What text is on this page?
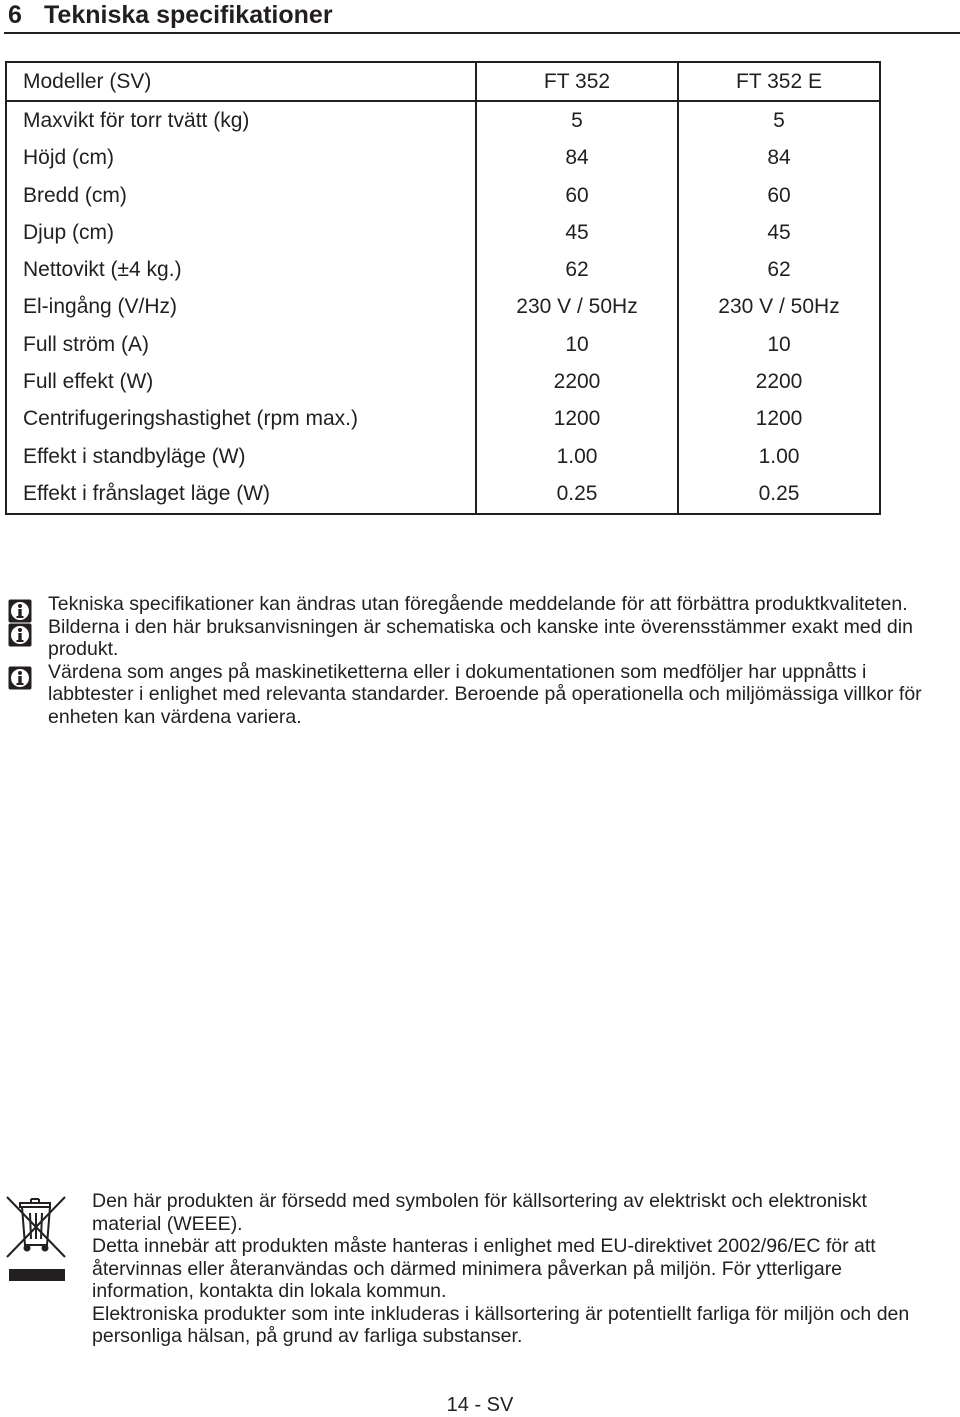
6 Tekniska specifikationer
Modeller (SV)	FT 352	FT 352 E
Maxvikt för torr tvätt (kg)	5	5
Höjd (cm)	84	84
Bredd (cm)	60	60
Djup (cm)	45	45
Nettovikt (±4 kg.)	62	62
El-ingång (V/Hz)	230 V / 50Hz	230 V / 50Hz
Full ström (A)	10	10
Full effekt (W)	2200	2200
Centrifugeringshastighet (rpm max.)	1200	1200
Effekt i standbyläge (W)	1.00	1.00
Effekt i frånslaget läge (W)	0.25	0.25

Tekniska specifikationer kan ändras utan föregående meddelande för att förbättra produktkvaliteten.

Bilderna i den här bruksanvisningen är schematiska och kanske inte överensstämmer exakt med din produkt.

Värdena som anges på maskinetiketterna eller i dokumentationen som medföljer har uppnåtts i labbtester i enlighet med relevanta standarder. Beroende på operationella och miljömässiga villkor för enheten kan värdena variera.

Den här produkten är försedd med symbolen för källsortering av elektriskt och elektroniskt material (WEEE).

Detta innebär att produkten måste hanteras i enlighet med EU-direktivet 2002/96/EC för att återvinnas eller återanvändas och därmed minimera påverkan på miljön. För ytterligare information, kontakta din lokala kommun.

Elektroniska produkter som inte inkluderas i källsortering är potentiellt farliga för miljön och den personliga hälsan, på grund av farliga substanser.

14 - SV
